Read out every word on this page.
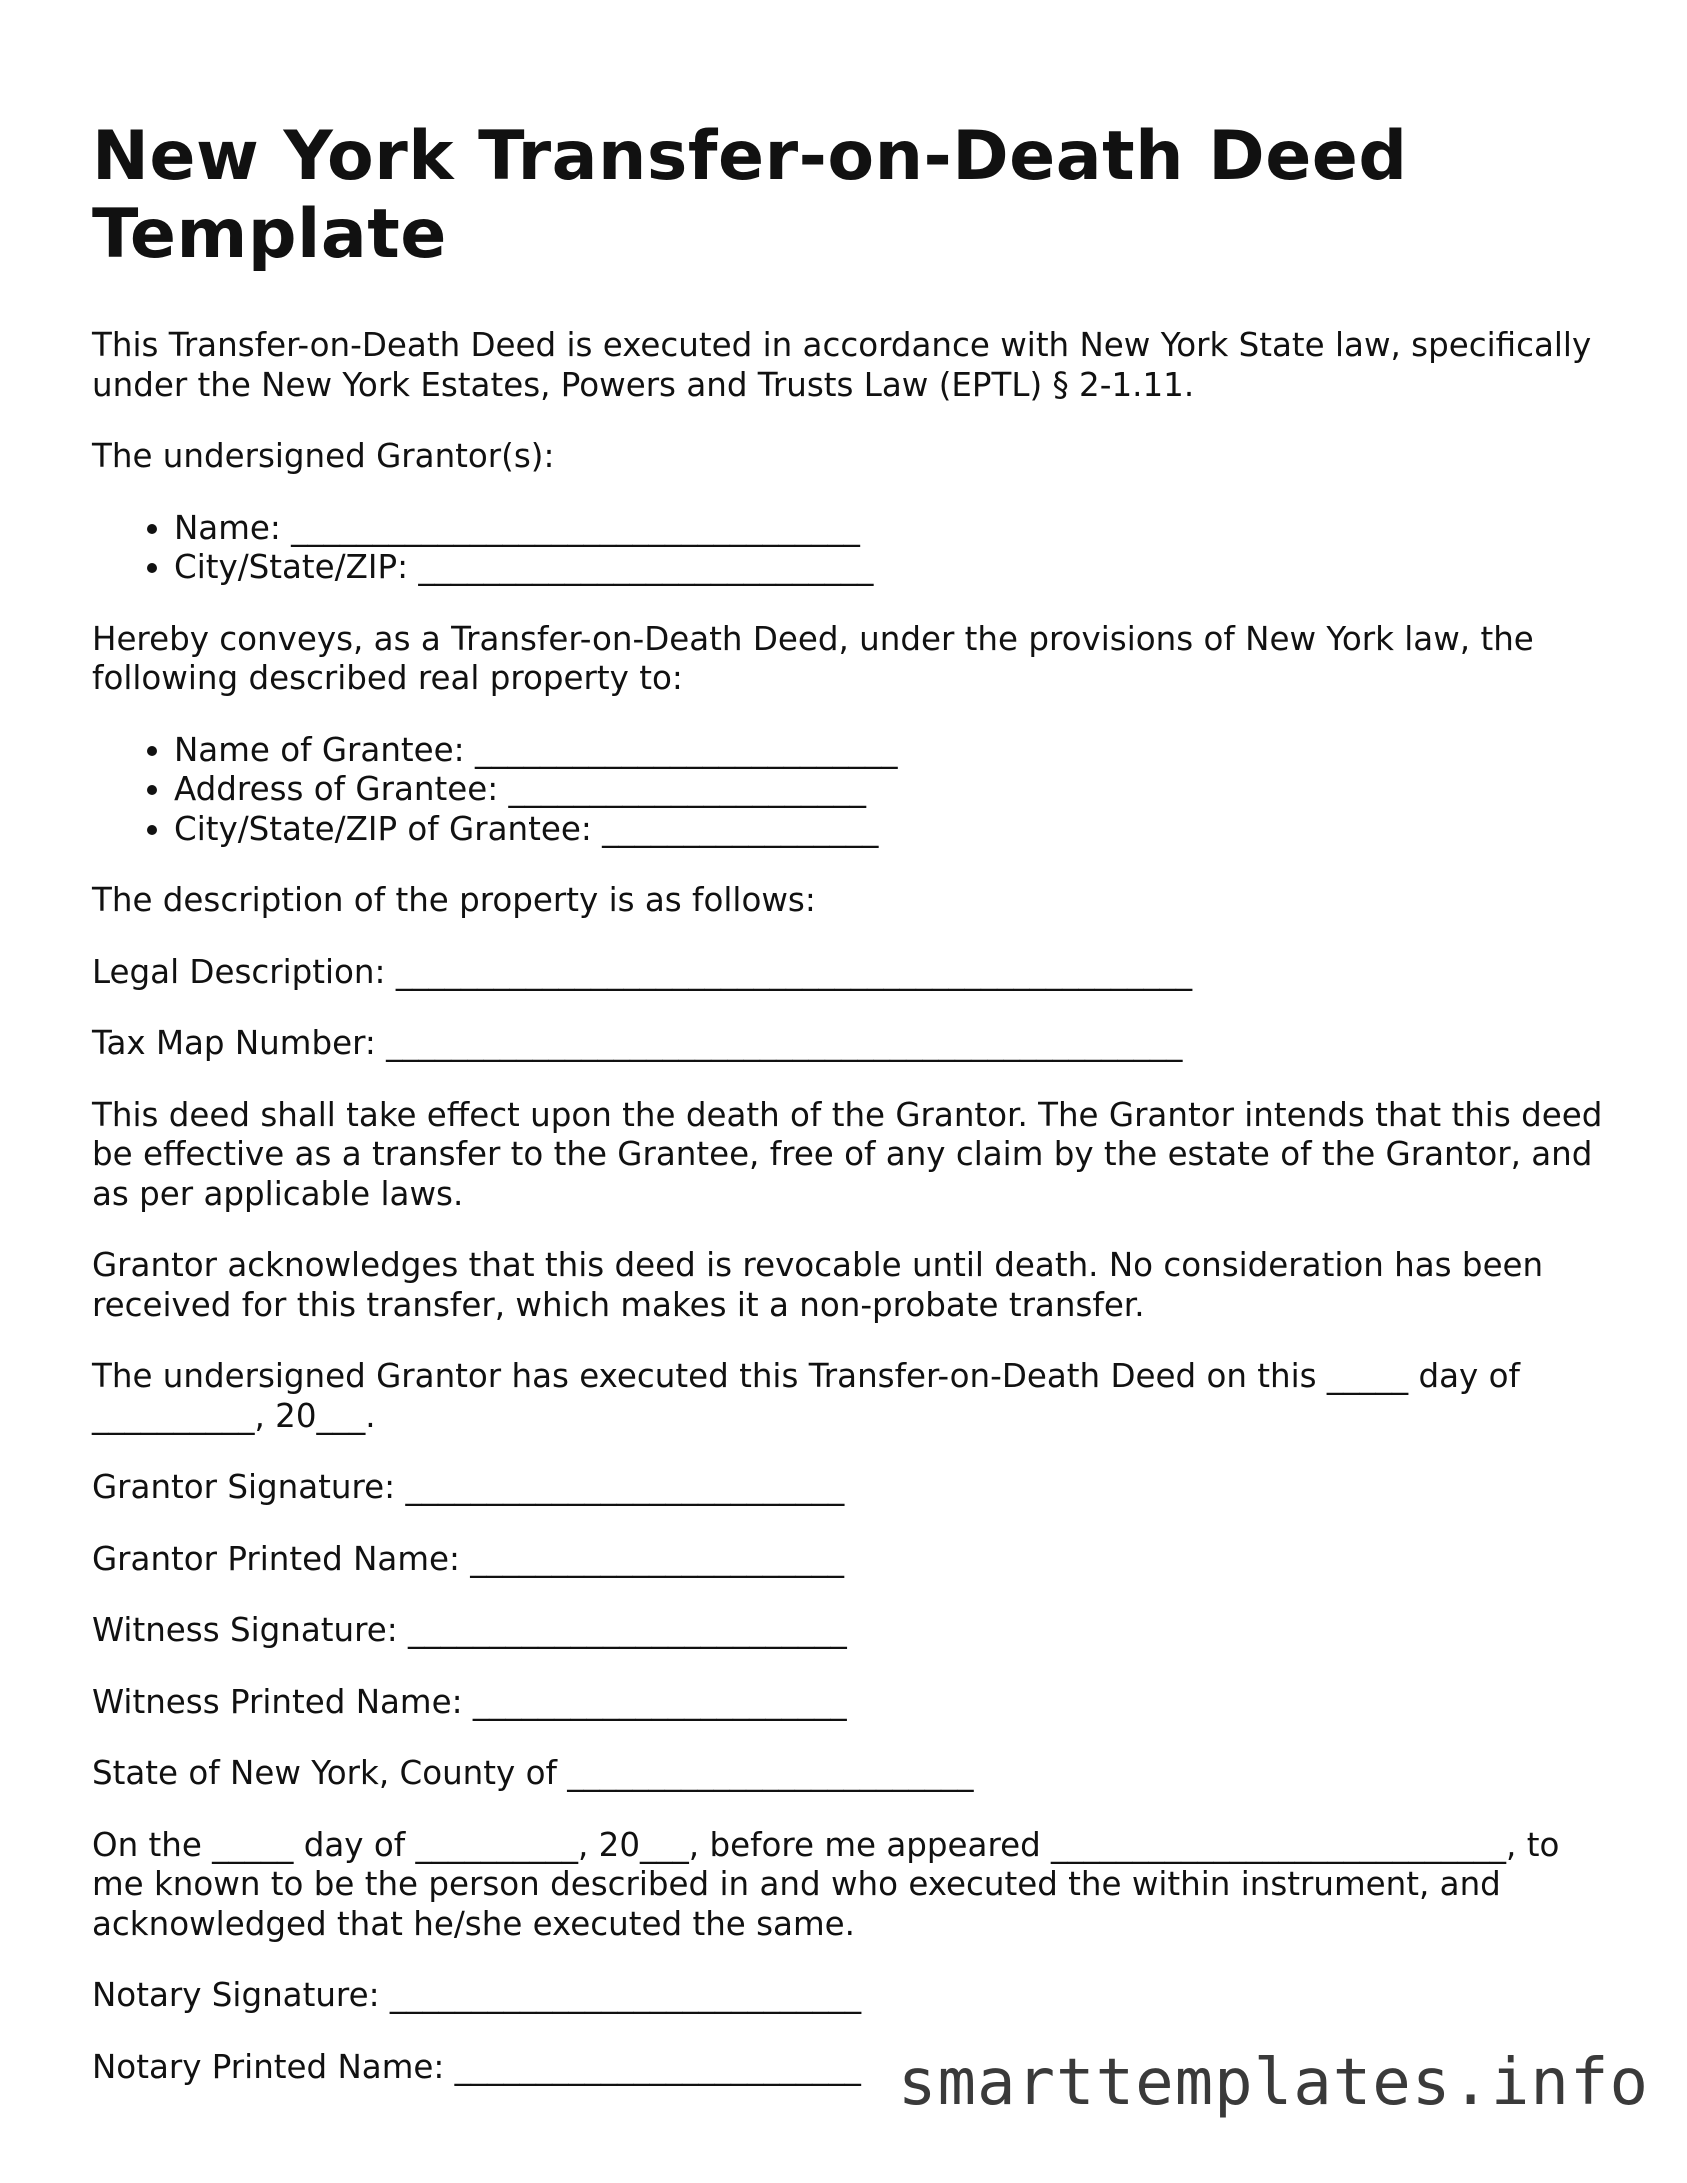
New York Transfer-on-Death Deed Template

This Transfer-on-Death Deed is executed in accordance with New York State law, specifically under the New York Estates, Powers and Trusts Law (EPTL) § 2-1.11.

The undersigned Grantor(s):

• Name: ___________________________________
• City/State/ZIP: ____________________________

Hereby conveys, as a Transfer-on-Death Deed, under the provisions of New York law, the following described real property to:

• Name of Grantee: __________________________
• Address of Grantee: ______________________
• City/State/ZIP of Grantee: _________________

The description of the property is as follows:

Legal Description: _________________________________________________

Tax Map Number: _________________________________________________

This deed shall take effect upon the death of the Grantor. The Grantor intends that this deed be effective as a transfer to the Grantee, free of any claim by the estate of the Grantor, and as per applicable laws.

Grantor acknowledges that this deed is revocable until death. No consideration has been received for this transfer, which makes it a non-probate transfer.

The undersigned Grantor has executed this Transfer-on-Death Deed on this _____ day of __________, 20___.

Grantor Signature: ___________________________

Grantor Printed Name: _______________________

Witness Signature: ___________________________

Witness Printed Name: _______________________

State of New York, County of _________________________

On the _____ day of __________, 20___, before me appeared ____________________________, to me known to be the person described in and who executed the within instrument, and acknowledged that he/she executed the same.

Notary Signature: _____________________________

Notary Printed Name: _________________________ smarttemplates.info
